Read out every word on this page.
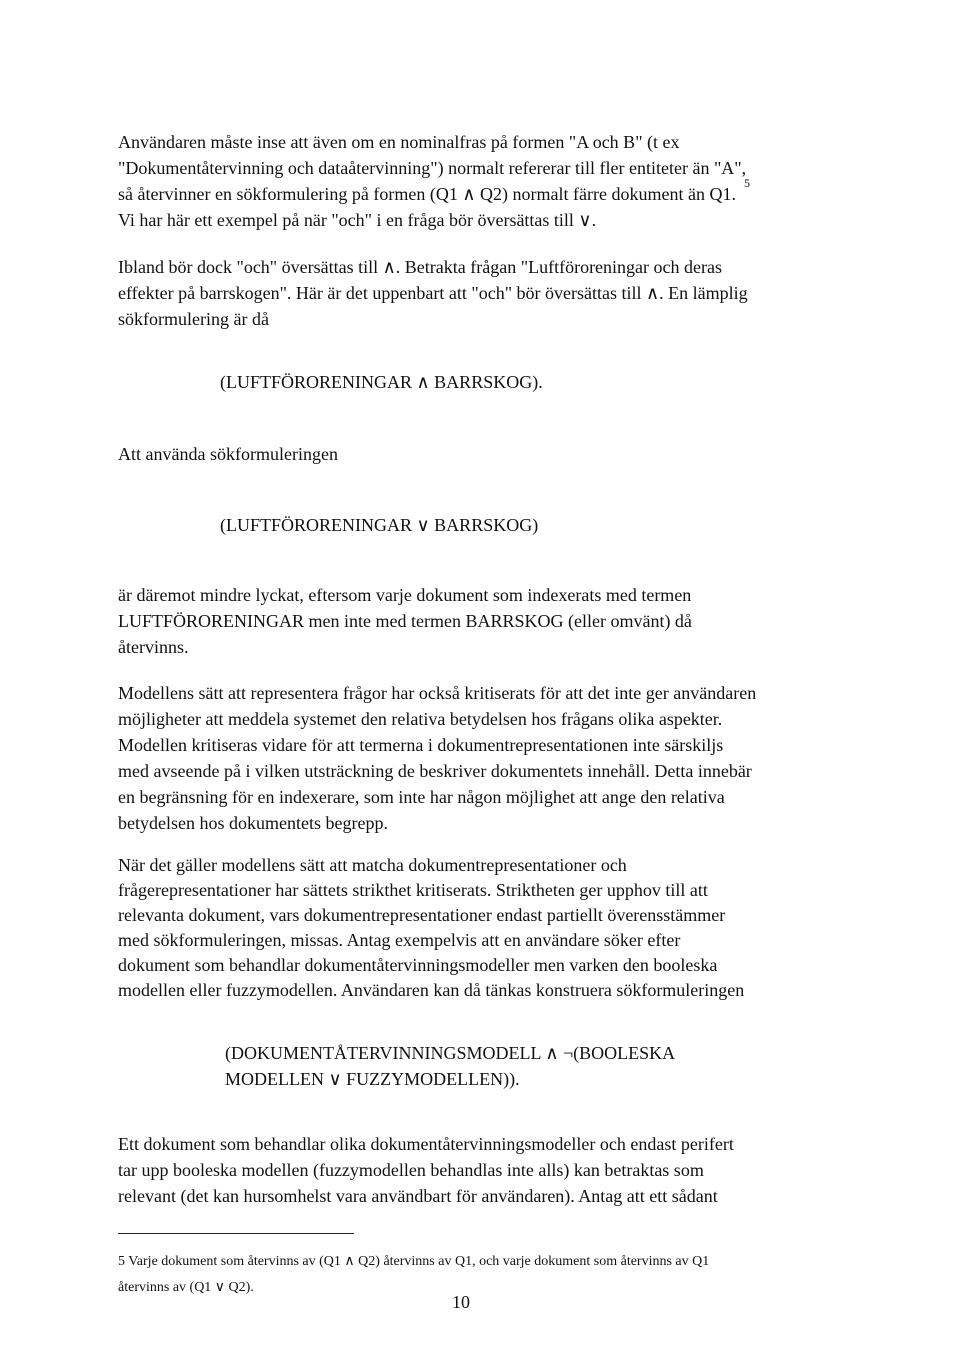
Användaren måste inse att även om en nominalfras på formen "A och B" (t ex
"Dokumentåtervinning och dataåtervinning") normalt refererar till fler entiteter än "A",
så återvinner en sökformulering på formen (Q1 ∧ Q2) normalt färre dokument än Q1.
5
Vi har här ett exempel på när "och" i en fråga bör översättas till ∨.
Ibland bör dock "och" översättas till ∧. Betrakta frågan "Luftföroreningar och deras
effekter på barrskogen". Här är det uppenbart att "och" bör översättas till ∧. En lämplig
sökformulering är då
(LUFTFÖRORENINGAR ∧ BARRSKOG).
Att använda sökformuleringen
(LUFTFÖRORENINGAR ∨ BARRSKOG)
är däremot mindre lyckat, eftersom varje dokument som indexerats med termen
LUFTFÖRORENINGAR men inte med termen BARRSKOG (eller omvänt) då
återvinns.
Modellens sätt att representera frågor har också kritiserats för att det inte ger användaren
möjligheter att meddela systemet den relativa betydelsen hos frågans olika aspekter.
Modellen kritiseras vidare för att termerna i dokumentrepresentationen inte särskiljs
med avseende på i vilken utsträckning de beskriver dokumentets innehåll. Detta innebär
en begränsning för en indexerare, som inte har någon möjlighet att ange den relativa
betydelsen hos dokumentets begrepp.
När det gäller modellens sätt att matcha dokumentrepresentationer och
frågerepresentationer har sättets strikthet kritiserats. Striktheten ger upphov till att
relevanta dokument, vars dokumentrepresentationer endast partiellt överensstämmer
med sökformuleringen, missas. Antag exempelvis att en användare söker efter
dokument som behandlar dokumentåtervinningsmodeller men varken den booleska
modellen eller fuzzymodellen. Användaren kan då tänkas konstruera sökformuleringen
(DOKUMENTÅTERVINNINGSMODELL ∧ ¬(BOOLESKA
MODELLEN ∨ FUZZYMODELLEN)).
Ett dokument som behandlar olika dokumentåtervinningsmodeller och endast perifert
tar upp booleska modellen (fuzzymodellen behandlas inte alls) kan betraktas som
relevant (det kan hursomhelst vara användbart för användaren). Antag att ett sådant
5 Varje dokument som återvinns av (Q1 ∧ Q2) återvinns av Q1, och varje dokument som återvinns av Q1
återvinns av (Q1 ∨ Q2).
10
